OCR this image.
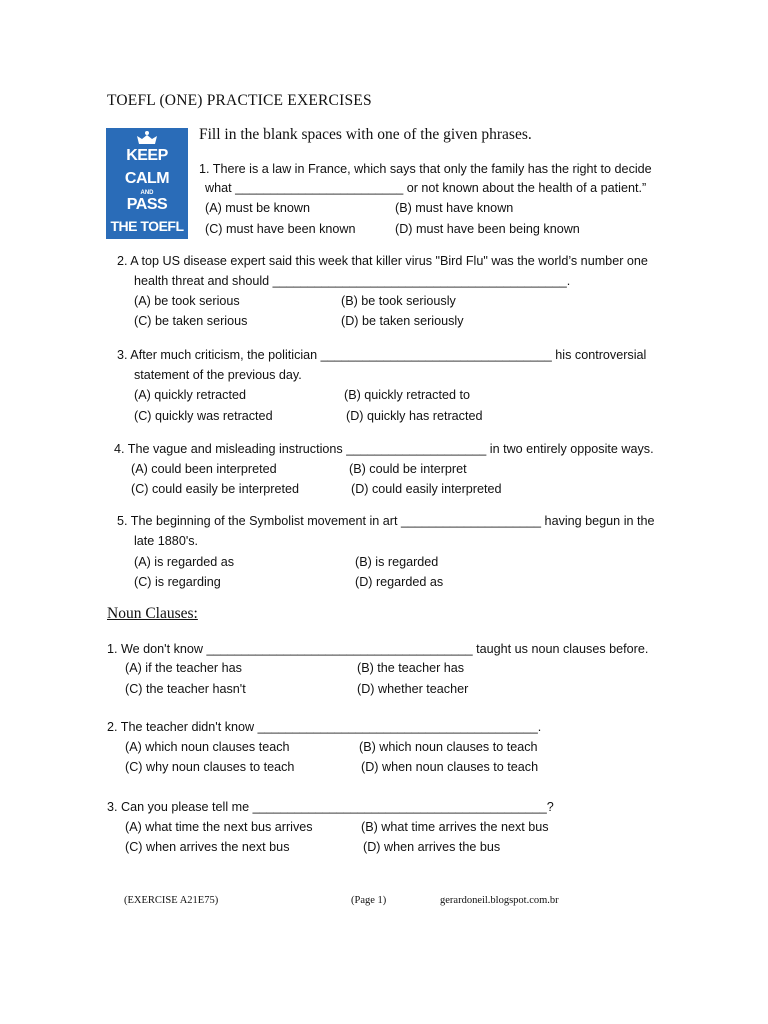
TOEFL (ONE) PRACTICE EXERCISES
KEEP
CALM
AND
PASS
THE TOEFL
Fill in the blank spaces with one of the given phrases.
1. There is a law in France, which says that only the family has the right to decide
what ________________________ or not known about the health of a patient.”
(A) must be known	(B) must have known
(C) must have been known	(D) must have been being known
2. A top US disease expert said this week that killer virus "Bird Flu" was the world’s number one
health threat and should __________________________________________.
(A) be took serious	(B) be took seriously
(C) be taken serious	(D) be taken seriously
3. After much criticism, the politician _________________________________ his controversial
statement of the previous day.
(A) quickly retracted	(B) quickly retracted to
(C) quickly was retracted	(D) quickly has retracted
4. The vague and misleading instructions ____________________ in two entirely opposite ways.
(A) could been interpreted	(B) could be interpret
(C) could easily be interpreted	(D) could easily interpreted
5. The beginning of the Symbolist movement in art ____________________ having begun in the
late 1880's.
(A) is regarded as	(B) is regarded
(C) is regarding	(D) regarded as
Noun Clauses:
1. We don't know ______________________________________ taught us noun clauses before.
(A) if the teacher has	(B) the teacher has
(C) the teacher hasn't	(D) whether teacher
2. The teacher didn't know ________________________________________.
(A) which noun clauses teach	(B) which noun clauses to teach
(C) why noun clauses to teach	(D) when noun clauses to teach
3. Can you please tell me __________________________________________?
(A) what time the next bus arrives	(B) what time arrives the next bus
(C) when arrives the next bus	(D) when arrives the bus
(EXERCISE A21E75)	(Page 1)	gerardoneil.blogspot.com.br
